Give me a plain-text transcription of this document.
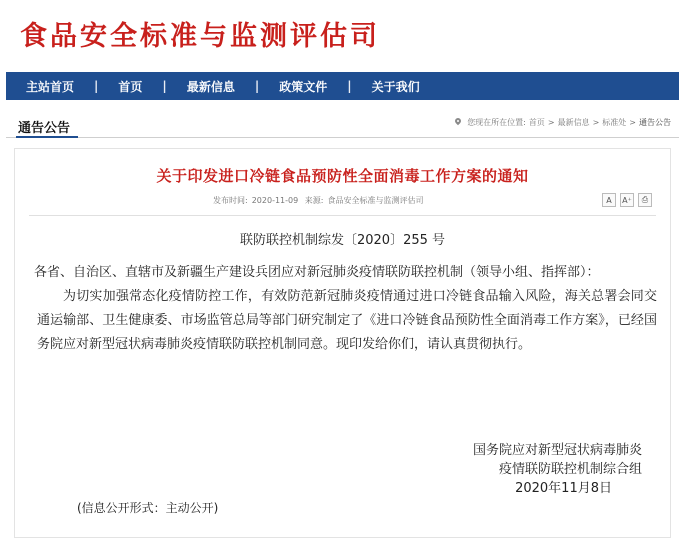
食品安全标准与监测评估司
主站首页	|	首页	|	最新信息	|	政策文件	|	关于我们
通告公告	您现在所在位置: 首页 > 最新信息 > 标准处 > 通告公告
关于印发进口冷链食品预防性全面消毒工作方案的通知
发布时间: 2020-11-09 来源: 食品安全标准与监测评估司	A	A⁺	⎙
联防联控机制综发〔2020〕255 号
各省、自治区、直辖市及新疆生产建设兵团应对新冠肺炎疫情联防联控机制（领导小组、指挥部）：
为切实加强常态化疫情防控工作，有效防范新冠肺炎疫情通过进口冷链食品输入风险，海关总署会同交通运输部、卫生健康委、市场监管总局等部门研究制定了《进口冷链食品预防性全面消毒工作方案》，已经国务院应对新型冠状病毒肺炎疫情联防联控机制同意。现印发给你们，请认真贯彻执行。
国务院应对新型冠状病毒肺炎
疫情联防联控机制综合组
2020年11月8日
(信息公开形式：主动公开)
